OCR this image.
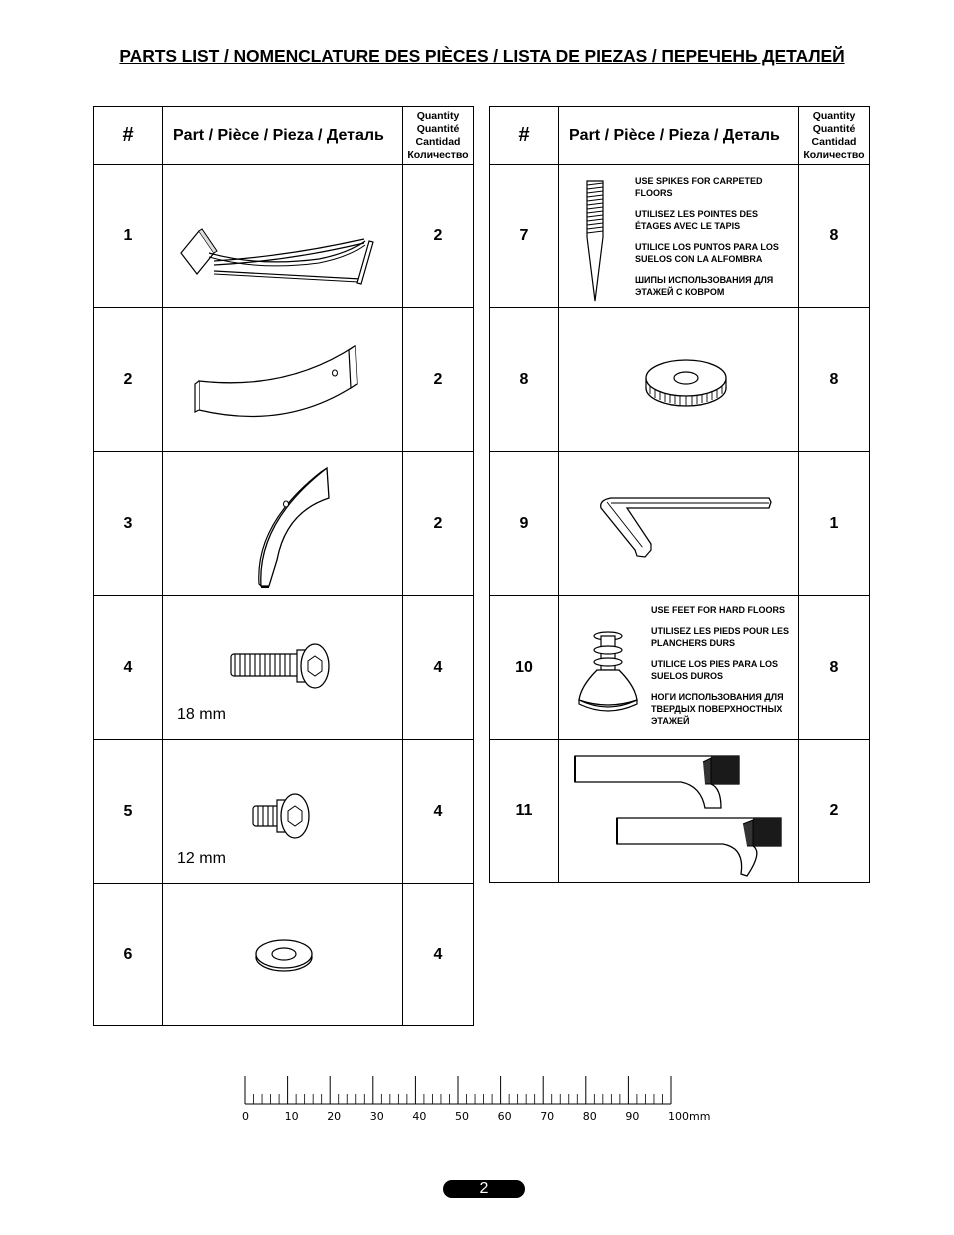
PARTS LIST / NOMENCLATURE DES PIÈCES / LISTA DE PIEZAS / ПЕРЕЧЕНЬ ДЕТАЛЕЙ
#	Part / Pièce / Pieza / Деталь	Quantity
Quantité
Cantidad
Количество

1		2
2		2
3		2
4	18 mm	4
5	12 mm	4
6		4
#	Part / Pièce / Pieza / Деталь	Quantity
Quantité
Cantidad
Количество

7	USE SPIKES FOR CARPETED FLOORS
UTILISEZ LES POINTES DES ÉTAGES AVEC LE TAPIS
UTILICE LOS PUNTOS PARA LOS SUELOS CON LA ALFOMBRA
ШИПЫ ИСПОЛЬЗОВАНИЯ ДЛЯ ЭТАЖЕЙ С КОВРОМ	8
8		8
9		1
10	USE FEET FOR HARD FLOORS
UTILISEZ LES PIEDS POUR LES PLANCHERS DURS
UTILICE LOS PIES PARA LOS SUELOS DUROS
НОГИ ИСПОЛЬЗОВАНИЯ ДЛЯ ТВЕРДЫХ ПОВЕРХНОСТНЫХ ЭТАЖЕЙ	8
11		2
0	10	20	30	40	50	60	70	80	90	100mm
2
